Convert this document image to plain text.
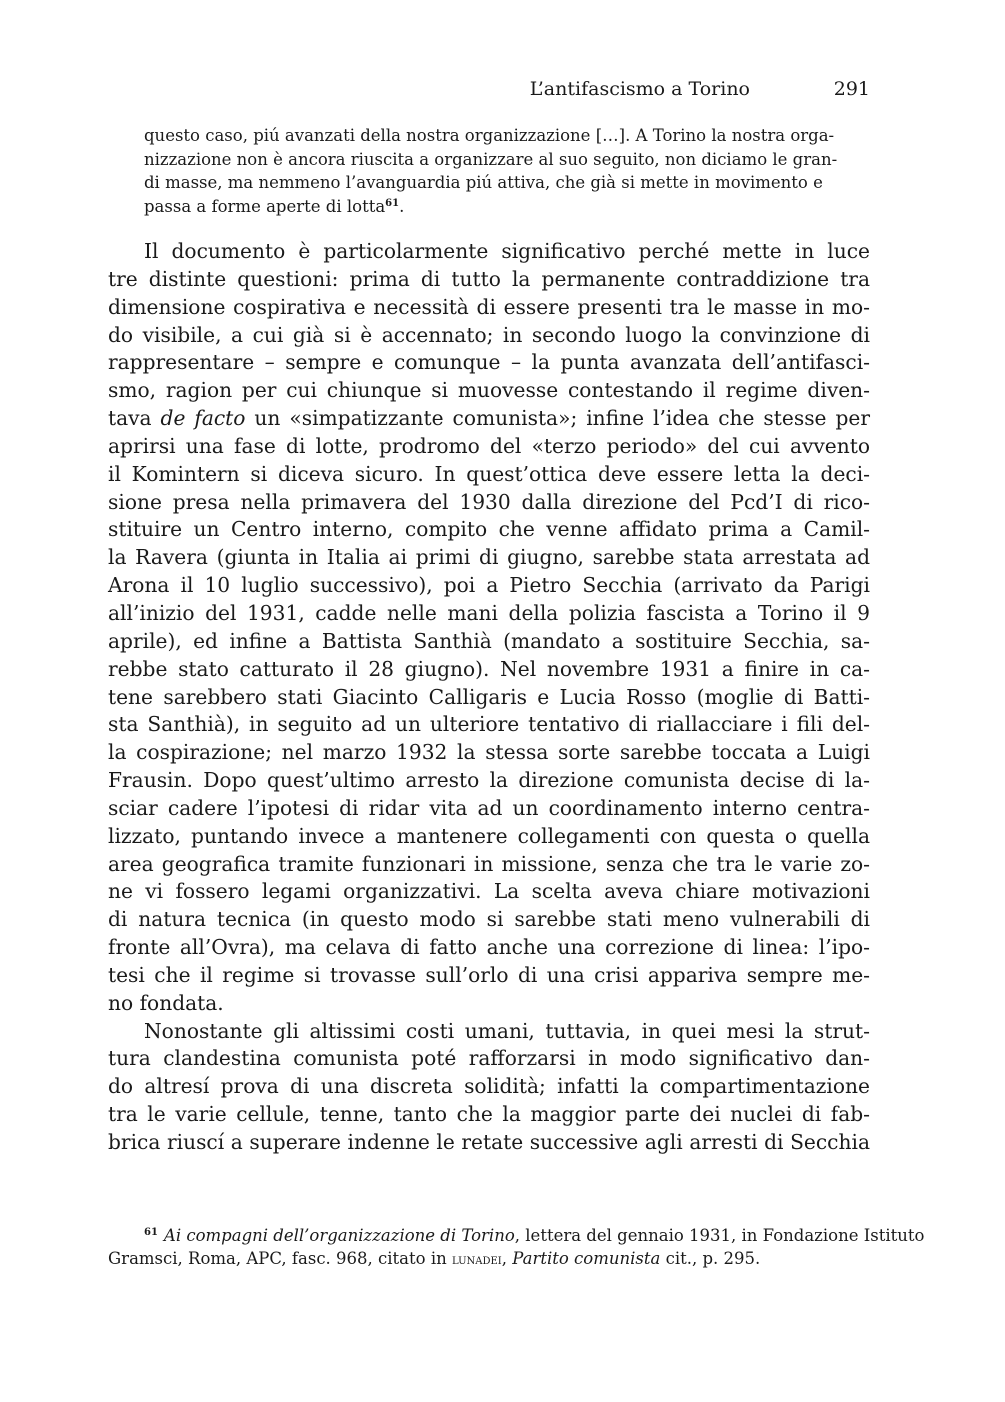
L’antifascismo a Torino	291
questo caso, piú avanzati della nostra organizzazione […]. A Torino la nostra orga-
nizzazione non è ancora riuscita a organizzare al suo seguito, non diciamo le gran-
di masse, ma nemmeno l’avanguardia piú attiva, che già si mette in movimento e
passa a forme aperte di lotta$^{61}$.
Il documento è particolarmente significativo perché mette in luce
tre distinte questioni: prima di tutto la permanente contraddizione tra
dimensione cospirativa e necessità di essere presenti tra le masse in mo-
do visibile, a cui già si è accennato; in secondo luogo la convinzione di
rappresentare – sempre e comunque – la punta avanzata dell’antifasci-
smo, ragion per cui chiunque si muovesse contestando il regime diven-
tava de facto un «simpatizzante comunista»; infine l’idea che stesse per
aprirsi una fase di lotte, prodromo del «terzo periodo» del cui avvento
il Komintern si diceva sicuro. In quest’ottica deve essere letta la deci-
sione presa nella primavera del 1930 dalla direzione del Pcd’I di rico-
stituire un Centro interno, compito che venne affidato prima a Camil-
la Ravera (giunta in Italia ai primi di giugno, sarebbe stata arrestata ad
Arona il 10 luglio successivo), poi a Pietro Secchia (arrivato da Parigi
all’inizio del 1931, cadde nelle mani della polizia fascista a Torino il 9
aprile), ed infine a Battista Santhià (mandato a sostituire Secchia, sa-
rebbe stato catturato il 28 giugno). Nel novembre 1931 a finire in ca-
tene sarebbero stati Giacinto Calligaris e Lucia Rosso (moglie di Batti-
sta Santhià), in seguito ad un ulteriore tentativo di riallacciare i fili del-
la cospirazione; nel marzo 1932 la stessa sorte sarebbe toccata a Luigi
Frausin. Dopo quest’ultimo arresto la direzione comunista decise di la-
sciar cadere l’ipotesi di ridar vita ad un coordinamento interno centra-
lizzato, puntando invece a mantenere collegamenti con questa o quella
area geografica tramite funzionari in missione, senza che tra le varie zo-
ne vi fossero legami organizzativi. La scelta aveva chiare motivazioni
di natura tecnica (in questo modo si sarebbe stati meno vulnerabili di
fronte all’Ovra), ma celava di fatto anche una correzione di linea: l’ipo-
tesi che il regime si trovasse sull’orlo di una crisi appariva sempre me-
no fondata.
Nonostante gli altissimi costi umani, tuttavia, in quei mesi la strut-
tura clandestina comunista poté rafforzarsi in modo significativo dan-
do altresí prova di una discreta solidità; infatti la compartimentazione
tra le varie cellule, tenne, tanto che la maggior parte dei nuclei di fab-
brica riuscí a superare indenne le retate successive agli arresti di Secchia
$^{61}$ Ai compagni dell’organizzazione di Torino, lettera del gennaio 1931, in Fondazione Istituto
Gramsci, Roma, APC, fasc. 968, citato in lunadei, Partito comunista cit., p. 295.
